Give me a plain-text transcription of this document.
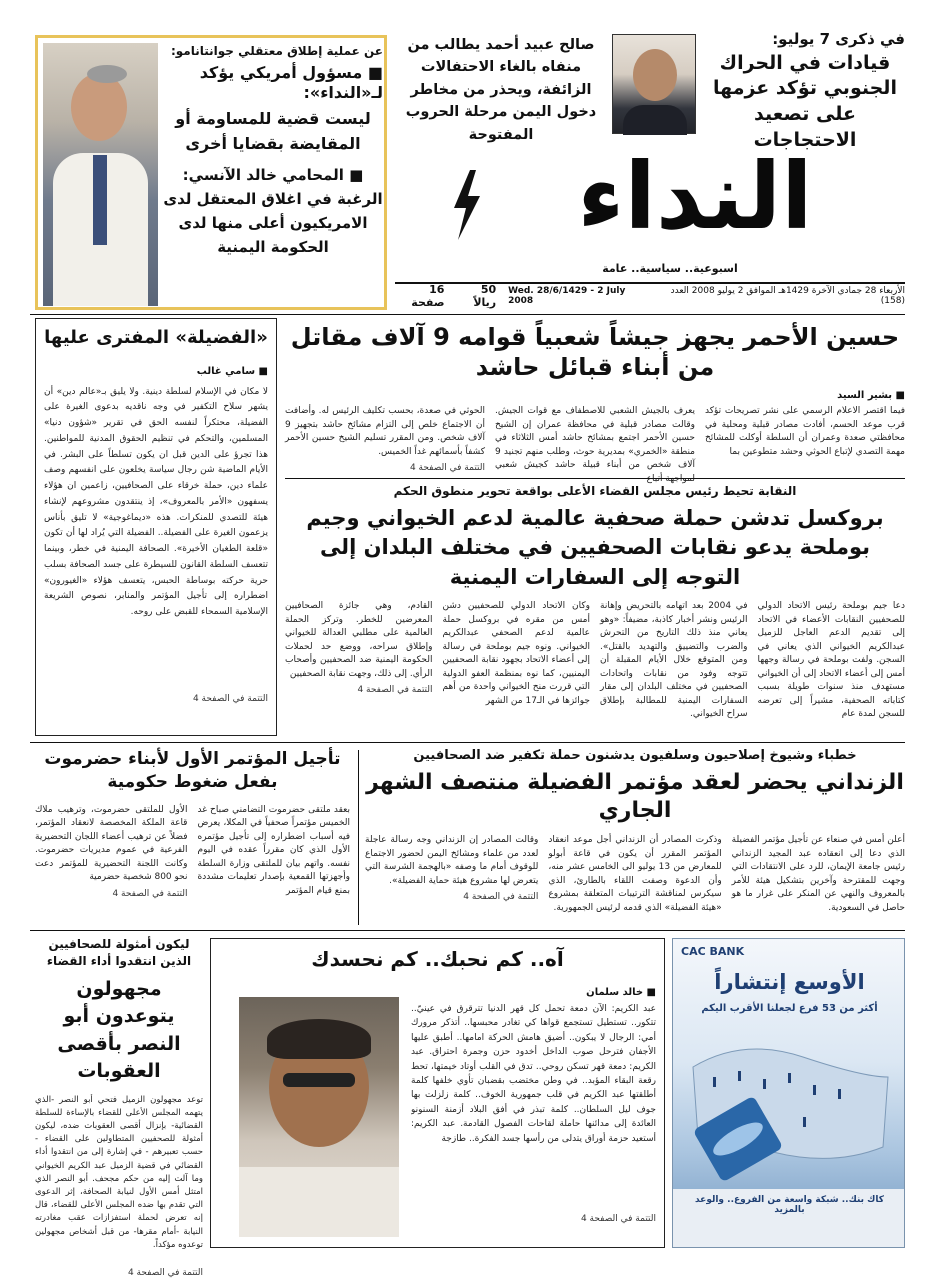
في ذكرى 7 يوليو:
قيادات في الحراك الجنوبي تؤكد عزمها على تصعيد الاحتجاجات
صالح عبيد أحمد يطالب من منفاه بالغاء الاحتفالات الزائفة، ويحذر من مخاطر دخول اليمن مرحلة الحروب المفتوحة
عن عملية إطلاق معتقلي جوانتانامو:
■ مسؤول أمريكي يؤكد لـ«النداء»:
ليست قضية للمساومة أو المقايضة بقضايا أخرى
■ المحامي خالد الآنسي: الرغبة في اغلاق المعتقل لدى الامريكيون أعلى منها لدى الحكومة اليمنية	النداء
اسبوعية.. سياسية.. عامة
الأربعاء 28 جمادي الآخرة 1429هـ الموافق 2 يوليو 2008 العدد (158)
Wed. 28/6/1429 - 2 July 2008
50 ريالاً
16 صفحة
حسين الأحمر يجهز جيشاً شعبياً قوامه 9 آلاف مقاتل من أبناء قبائل حاشد
■ بشير السيد
فيما اقتصر الاعلام الرسمي على نشر تصريحات تؤكد قرب موعد الحسم، أفادت مصادر قبلية ومحلية في محافظتي صعدة وعمران أن السلطة أوكلت للمشائخ مهمة التصدي لإتباع الحوثي وحشد متطوعين بما
يعرف بالجيش الشعبي للاصطفاف مع قوات الجيش. وقالت مصادر قبلية في محافظة عمران إن الشيخ حسين الأحمر اجتمع بمشائخ حاشد أمس الثلاثاء في منطقة «الخمري» بمديرية حوث، وطلب منهم تجنيد 9 آلاف شخص من أبناء قبيلة حاشد كجيش شعبي
الحوثي في صعدة، بحسب تكليف الرئيس له. وأضافت أن الاجتماع خلص إلى التزام مشائخ حاشد بتجهيز 9 آلاف شخص. ومن المقرر تسليم الشيخ حسين الأحمر كشفاً بأسمائهم غداً الخميس.
التتمة في الصفحة 4
«الفضيلة» المفترى عليها
■ سامي غالب
لا مكان في الإسلام لسلطة دينية. ولا يليق بـ«عالم دين» أن يشهر سلاح التكفير في وجه ناقديه بدعوى الغيرة على الفضيلة، محتكراً لنفسه الحق في تقرير «شؤون دنيا» المسلمين، والتحكم في تنظيم الحقوق المدنية للمواطنين. هذا تجرؤ على الدين قبل ان يكون تسلطاً على البشر. في الأيام الماضية شن رجال سياسة يخلعون على انفسهم وصف علماء دين، حملة خرقاء على الصحافيين، زاعمين ان هؤلاء يسفهون «الأمر بالمعروف»، إذ ينتقدون مشروعهم لإنشاء هيئة للتصدي للمنكرات. هذه «ديماغوجية» لا تليق بأناس يزعمون الغيرة على الفضيلة.. الفضيلة التي يُراد لها أن تكون «قلعة الطغيان الأخيرة». الصحافة اليمنية في خطر، وبينما تتعسف السلطة القانون للسيطرة على جسد الصحافة بسلب حرية حركته بوساطة الحبس، يتعسف هؤلاء «الغيورون» اضطراره إلى تأجيل المؤتمر والمنابر، نصوص الشريعة الإسلامية السمحاء للقبض على روحه.
التتمة في الصفحة 4
النقابة تحيط رئيس مجلس القضاء الأعلى بواقعة تحوير منطوق الحكم
بروكسل تدشن حملة صحفية عالمية لدعم الخيواني وجيم بوملحة يدعو نقابات الصحفيين في مختلف البلدان إلى التوجه إلى السفارات اليمنية
دعا جيم بوملحة رئيس الاتحاد الدولي للصحفيين النقابات الأعضاء في الاتحاد إلى تقديم الدعم العاجل للزميل عبدالكريم الخيواني الذي يعاني في السجن. ولفت بوملحة في رسالة وجهها أمس إلى أعضاء الاتحاد إلى أن الخيواني مستهدف منذ سنوات طويلة بسبب كتاباته الصحفية، مشيراً إلى تعرضه للسجن لمدة عام
في 2004 بعد اتهامه بالتحريض وإهانة الرئيس ونشر أخبار كاذبة، مضيفاً: «وهو يعاني منذ ذلك التاريخ من التحرش والضرب والتضييق والتهديد بالقتل». ومن المتوقع خلال الأيام المقبلة أن تتوجه وفود من نقابات واتحادات الصحفيين في مختلف البلدان إلى مقار السفارات اليمنية للمطالبة بإطلاق سراح الخيواني.
وكان الاتحاد الدولي للصحفيين دشن أمس من مقره في بروكسل حملة عالمية لدعم الصحفي عبدالكريم الخيواني. ونوه جيم بوملحة في رسالة إلى أعضاء الاتحاد بجهود نقابة الصحفيين اليمنيين، كما نوه بمنظمة العفو الدولية التي قررت منح الخيواني واحدة من أهم جوائزها في الـ17 من الشهر
القادم، وهي جائزة الصحافيين المعرضين للخطر. وتركز الحملة العالمية على مطلبي العدالة للخيواني وإطلاق سراحه، ووضع حد لحملات الحكومة اليمنية ضد الصحفيين وأصحاب الرأي. إلى ذلك، وجهت نقابة الصحفيين
التتمة في الصفحة 4
خطباء وشيوخ إصلاحيون وسلفيون يدشنون حملة تكفير ضد الصحافيين
الزنداني يحضر لعقد مؤتمر الفضيلة منتصف الشهر الجاري
أعلن أمس في صنعاء عن تأجيل مؤتمر الفضيلة الذي دعا إلى انعقاده عبد المجيد الزنداني رئيس جامعة الإيمان، للرد على الانتقادات التي وجهت للمقترحة وآخرين بتشكيل هيئة للأمر بالمعروف والنهي عن المنكر على غرار ما هو حاصل في السعودية.
وذكرت المصادر أن الزنداني أجل موعد انعقاد المؤتمر المقرر أن يكون في قاعة أبولو للمعارض من 13 يوليو الى الخامس عشر منه، وأن الدعوة وصفت اللقاء بالطارئ، الذي سيكرس لمناقشة الترتيبات المتعلقة بمشروع «هيئة الفضيلة» الذي قدمه لرئيس الجمهورية.
وقالت المصادر إن الزنداني وجه رسالة عاجلة لعدد من علماء ومشائخ اليمن لحضور الاجتماع للوقوف أمام ما وصفه «بالهجمة الشرسة التي يتعرض لها مشروع هيئة حماية الفضيلة».
التتمة في الصفحة 4
تأجيل المؤتمر الأول لأبناء حضرموت بفعل ضغوط حكومية
بعقد ملتقى حضرموت التضامني صباح غد الخميس مؤتمراً صحفياً في المكلا، يعرض فيه أسباب اضطراره إلى تأجيل مؤتمره الأول الذي كان مقرراً عقده في اليوم نفسه. واتهم بيان للملتقى وزارة السلطة وأجهزتها القمعية بإصدار تعليمات مشددة بمنع قيام المؤتمر
الأول للملتقى حضرموت، وترهيب ملاك قاعة الملكة المخصصة لانعقاد المؤتمر، فضلاً عن ترهيب أعضاء اللجان التحضيرية الفرعية في عموم مديريات حضرموت. وكانت اللجنة التحضيرية للمؤتمر دعت نحو 800 شخصية حضرمية
التتمة في الصفحة 4
CAC BANK
الأوسع إنتشاراً
أكثر من 53 فرع لجعلنا الأقرب اليكم
كاك بنك.. شبكة واسعة من الفروع.. والوعد بالمزيد
آه.. كم نحبك.. كم نحسدك
■ خالد سلمان
عبد الكريم: الآن دمعة تحمل كل قهر الدنيا تترقرق في عينيّ.. تتكور.. تستطيل تستجمع قواها كي تغادر محبسها.. أتذكر مرورك أمي: الرجال لا يبكون.. أضيق هامش الحركة امامها.. أطبق عليها الأجفان فترحل صوب الداخل أخدود حزن وجمرة احتراق. عبد الكريم: دمعة قهر تسكن روحي.. تدق في القلب أوتاد خيمتها، تحط رقعة البقاء المؤبد.. في وطن مختضب بقضبان تأوي خلفها كلمة أطلقتها عبد الكريم في قلب جمهورية الخوف.. كلمة زلزلت بها جوف ليل السلطان.. كلمة تبذر في أفق البلاد أزمنة السنونو العائدة إلى مدائنها حاملة لقاحات الفصول القادمة. عبد الكريم: أستعيد حزمة أوراق يتدلى من رأسها جسد الفكرة.. طازجة
التتمة في الصفحة 4
ليكون أمثولة للصحافيين الذين انتقدوا أداء القضاء
مجهولون يتوعدون أبو النصر بأقصى العقوبات
توعد مجهولون الزميل فتحي أبو النصر -الذي يتهمه المجلس الأعلى للقضاء بالإساءة للسلطة القضائية- بإنزال أقصى العقوبات ضده، ليكون أمثولة للصحفيين المتطاولين على القضاء - حسب تعبيرهم - في إشارة إلى من انتقدوا أداء القضائي في قضية الزميل عبد الكريم الخيواني وما آلت إليه من حكم مجحف. أبو النصر الذي امتثل أمس الأول لنيابة الصحافة، إثر الدعوى التي تقدم بها ضده المجلس الأعلى للقضاء، قال إنه تعرض لحملة استفزازات عقب مغادرته النيابة -أمام مقرها- من قبل أشخاص مجهولين توعدوه مؤكداً.
التتمة في الصفحة 4
